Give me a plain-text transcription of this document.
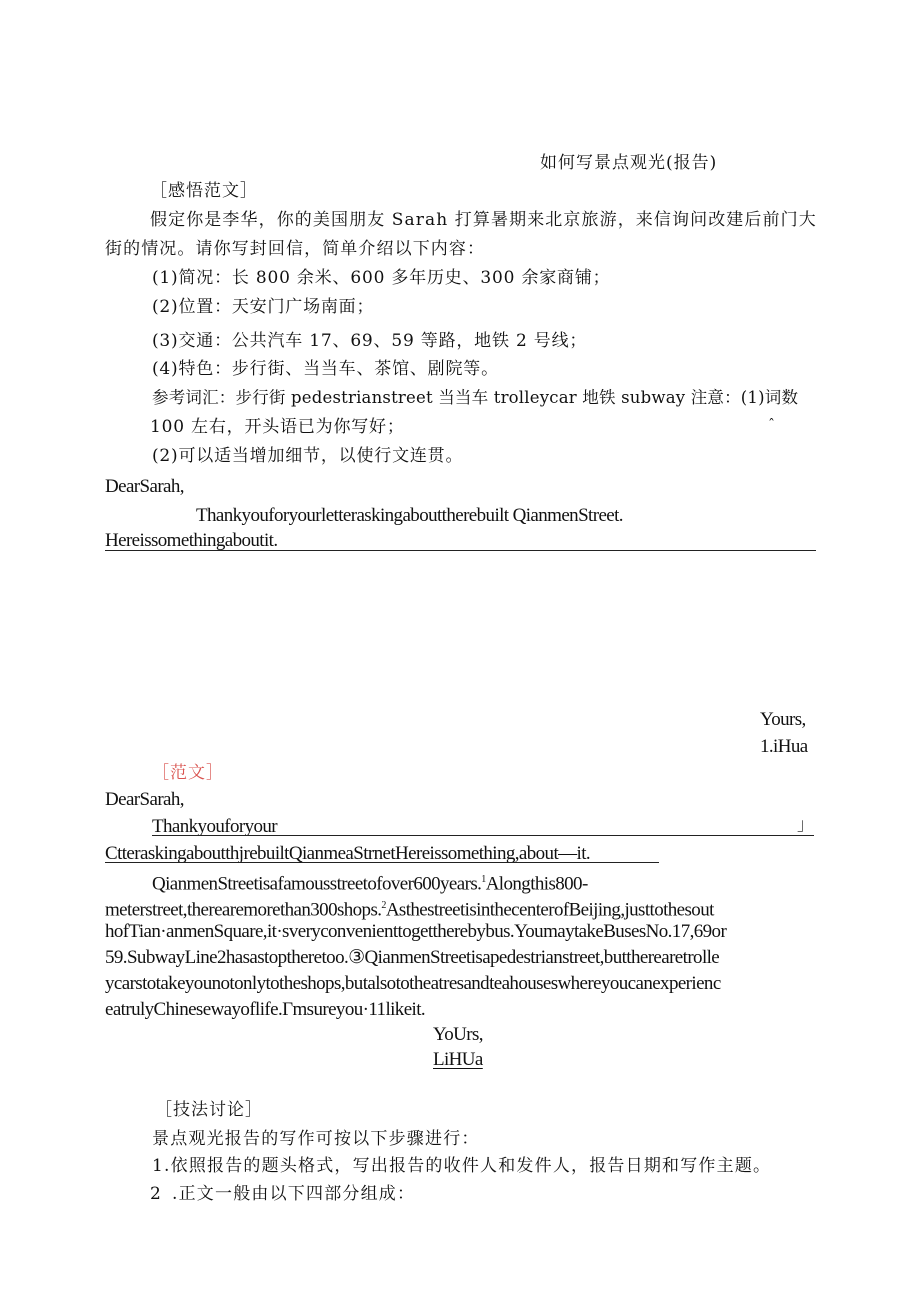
如何写景点观光(报告)
［感悟范文］
假定你是李华，你的美国朋友 Sarah 打算暑期来北京旅游，来信询问改建后前门大
街的情况。请你写封回信，简单介绍以下内容：
(1)简况：长 800 余米、600 多年历史、300 余家商铺；
(2)位置：天安门广场南面；
(3)交通：公共汽车 17、69、59 等路，地铁 2 号线；
(4)特色：步行街、当当车、茶馆、剧院等。
参考词汇：步行街 pedestrianstreet 当当车 trolleycar 地铁 subway 注意：(1)词数
100 左右，开头语已为你写好；	ˆ
(2)可以适当增加细节，以使行文连贯。
DearSarah,
Thankyouforyourletteraskingabouttherebuilt QianmenStreet.
Hereissomethingaboutit.
Yours,
1.iHua
［范文］
DearSarah,
Thankyouforyour	」
CtteraskingaboutthjrebuiltQianmeaStrnetHereissomething,about—it.
QianmenStreetisafamousstreetofover600years.$^1$Alongthis800-
meterstreet,therearemorethan300shops.$^2$AsthestreetisinthecenterofBeijing,justtothesout
hofTian·anmenSquare,it·sveryconvenienttogettherebybus.YoumaytakeBusesNo.17,69or
59.SubwayLine2hasastoptheretoo.③QianmenStreetisapedestrianstreet,buttherearetrolle
ycarstotakeyounotonlytotheshops,butalsototheatresandteahouseswhereyoucanexperienc
eatrulyChinesewayoflife.Γmsureyou·11likeit.
YoUrs,
LiHUa
［技法讨论］
景点观光报告的写作可按以下步骤进行：
1.依照报告的题头格式，写出报告的收件人和发件人，报告日期和写作主题。
2 .正文一般由以下四部分组成：
